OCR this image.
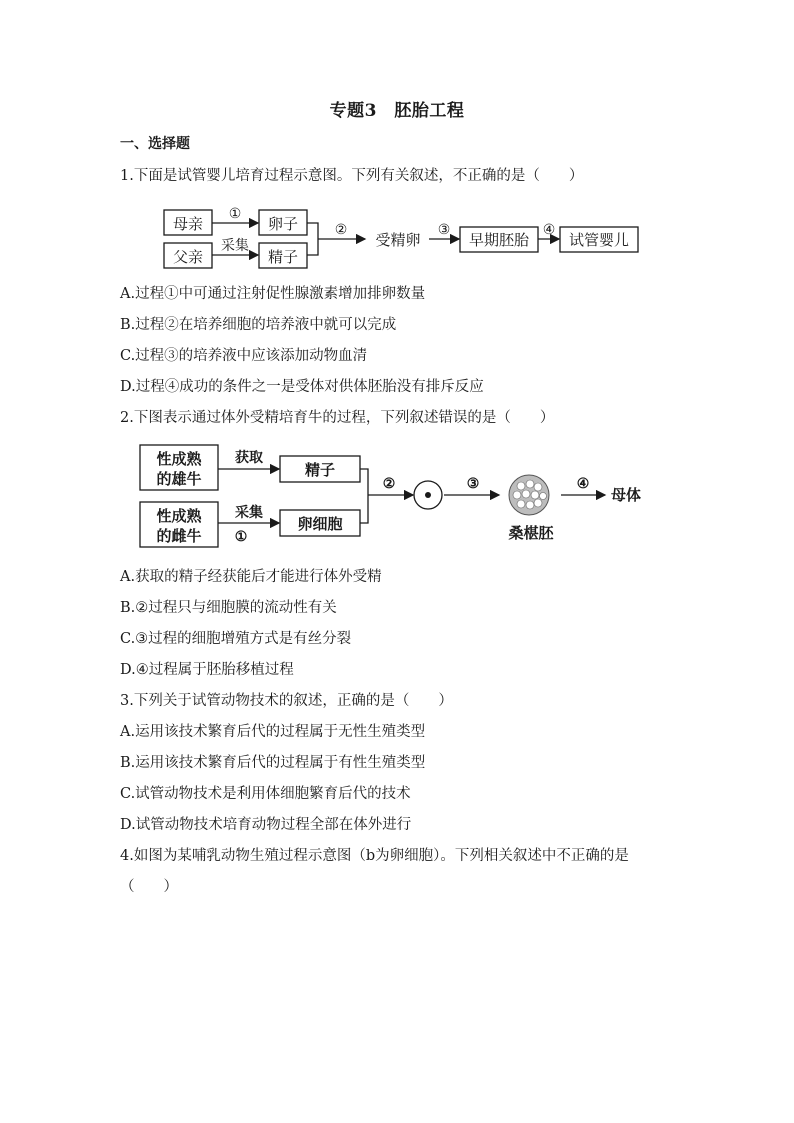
专题3　胚胎工程
一、选择题
1.下面是试管婴儿培育过程示意图。下列有关叙述，不正确的是（　　）
母亲
父亲
卵子
精子
①
采集
②
受精卵
③
早期胚胎
④
试管婴儿
A.过程①中可通过注射促性腺激素增加排卵数量
B.过程②在培养细胞的培养液中就可以完成
C.过程③的培养液中应该添加动物血清
D.过程④成功的条件之一是受体对供体胚胎没有排斥反应
2.下图表示通过体外受精培育牛的过程，下列叙述错误的是（　　）
性成熟
的雄牛
性成熟
的雌牛
获取
精子
采集
①
卵细胞
②	③	④
桑椹胚
母体
A.获取的精子经获能后才能进行体外受精
B.②过程只与细胞膜的流动性有关
C.③过程的细胞增殖方式是有丝分裂
D.④过程属于胚胎移植过程
3.下列关于试管动物技术的叙述，正确的是（　　）
A.运用该技术繁育后代的过程属于无性生殖类型
B.运用该技术繁育后代的过程属于有性生殖类型
C.试管动物技术是利用体细胞繁育后代的技术
D.试管动物技术培育动物过程全部在体外进行
4.如图为某哺乳动物生殖过程示意图（b为卵细胞）。下列相关叙述中不正确的是
（　　）
